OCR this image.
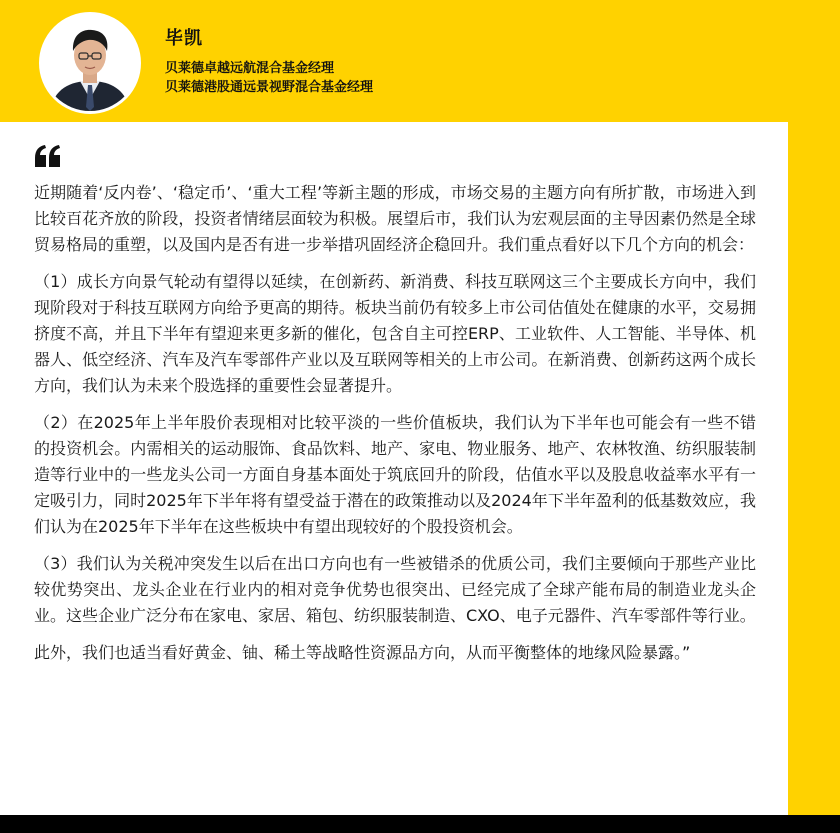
毕凯
贝莱德卓越远航混合基金经理
贝莱德港股通远景视野混合基金经理

近期随着‘反内卷’、‘稳定币’、‘重大工程’等新主题的形成，市场交易的主题方向有所扩散，市场进入到比较百花齐放的阶段，投资者情绪层面较为积极。展望后市，我们认为宏观层面的主导因素仍然是全球贸易格局的重塑，以及国内是否有进一步举措巩固经济企稳回升。我们重点看好以下几个方向的机会：

（1）成长方向景气轮动有望得以延续，在创新药、新消费、科技互联网这三个主要成长方向中，我们现阶段对于科技互联网方向给予更高的期待。板块当前仍有较多上市公司估值处在健康的水平，交易拥挤度不高，并且下半年有望迎来更多新的催化，包含自主可控ERP、工业软件、人工智能、半导体、机器人、低空经济、汽车及汽车零部件产业以及互联网等相关的上市公司。在新消费、创新药这两个成长方向，我们认为未来个股选择的重要性会显著提升。

（2）在2025年上半年股价表现相对比较平淡的一些价值板块，我们认为下半年也可能会有一些不错的投资机会。内需相关的运动服饰、食品饮料、地产、家电、物业服务、地产、农林牧渔、纺织服装制造等行业中的一些龙头公司一方面自身基本面处于筑底回升的阶段，估值水平以及股息收益率水平有一定吸引力，同时2025年下半年将有望受益于潜在的政策推动以及2024年下半年盈利的低基数效应，我们认为在2025年下半年在这些板块中有望出现较好的个股投资机会。

（3）我们认为关税冲突发生以后在出口方向也有一些被错杀的优质公司，我们主要倾向于那些产业比较优势突出、龙头企业在行业内的相对竞争优势也很突出、已经完成了全球产能布局的制造业龙头企业。这些企业广泛分布在家电、家居、箱包、纺织服装制造、CXO、电子元器件、汽车零部件等行业。

此外，我们也适当看好黄金、铀、稀土等战略性资源品方向，从而平衡整体的地缘风险暴露。”
